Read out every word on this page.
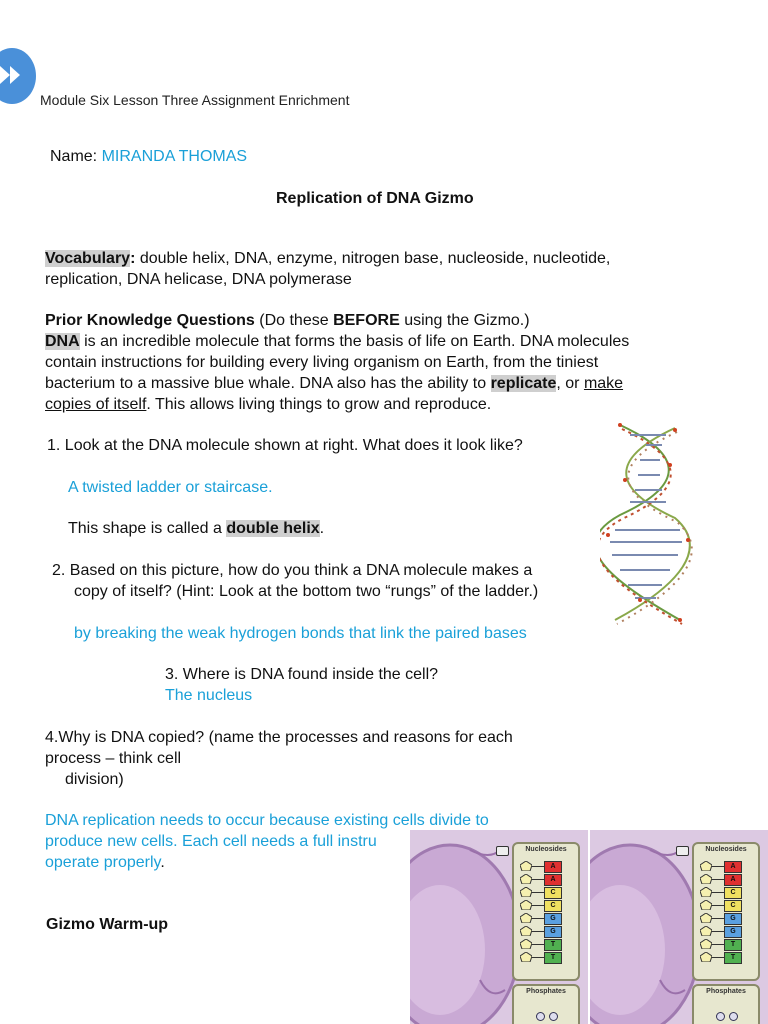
Module Six Lesson Three Assignment Enrichment
Name: MIRANDA THOMAS
Replication of DNA Gizmo
Vocabulary: double helix, DNA, enzyme, nitrogen base, nucleoside, nucleotide,
replication, DNA helicase, DNA polymerase
Prior Knowledge Questions (Do these BEFORE using the Gizmo.)
DNA is an incredible molecule that forms the basis of life on Earth. DNA molecules
contain instructions for building every living organism on Earth, from the tiniest
bacterium to a massive blue whale. DNA also has the ability to replicate, or make
copies of itself. This allows living things to grow and reproduce.
1. Look at the DNA molecule shown at right. What does it look like?
A twisted ladder or staircase.
This shape is called a double helix.
2. Based on this picture, how do you think a DNA molecule makes a
copy of itself? (Hint: Look at the bottom two “rungs” of the ladder.)
by breaking the weak hydrogen bonds that link the paired bases
3. Where is DNA found inside the cell?
The nucleus
4.Why is DNA copied? (name the processes and reasons for each
process – think cell
division)
DNA replication needs to occur because existing cells divide to
produce new cells. Each cell needs a full instru
operate properly.
Gizmo Warm-up
Nucleosides
A
A
C
C
G
G
T
T
Phosphates
Nucleosides
A
A
C
C
G
G
T
T
Phosphates
